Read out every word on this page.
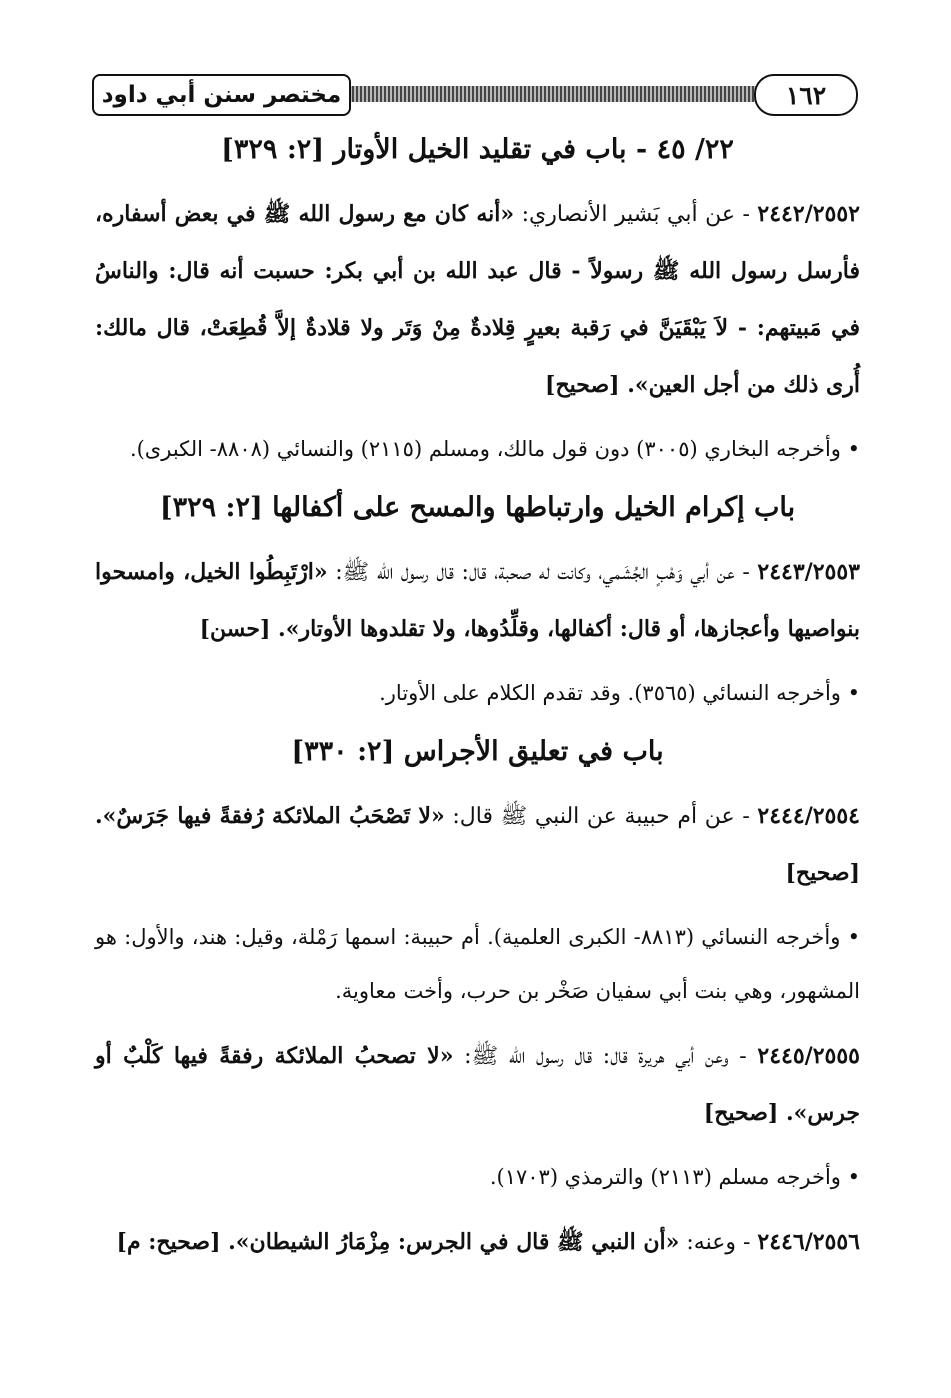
مختصر سنن أبي داود	١٦٢
٢٢/ ٤٥ - باب في تقليد الخيل الأوتار [٢: ٣٢٩]

٢٤٤٢/٢٥٥٢ - عن أبي بَشير الأنصاري: «أنه كان مع رسول الله ﷺ في بعض أسفاره، فأرسل رسول الله ﷺ رسولاً - قال عبد الله بن أبي بكر: حسبت أنه قال: والناسُ في مَبيتهم: - لاَ يَبْقَيَنَّ في رَقبة بعيرٍ قِلادةٌ مِنْ وَتَر ولا قلادةٌ إلاَّ قُطِعَتْ، قال مالك: أُرى ذلك من أجل العين». [صحيح]

• وأخرجه البخاري (٣٠٠٥) دون قول مالك، ومسلم (٢١١٥) والنسائي (٨٨٠٨- الكبرى).

باب إكرام الخيل وارتباطها والمسح على أكفالها [٢: ٣٢٩]

٢٤٤٣/٢٥٥٣ - عن أبي وَهْبٍ الجُشَمي، وكانت له صحبة، قال: قال رسول الله ﷺ: «ارْتَبِطُوا الخيل، وامسحوا بنواصيها وأعجازها، أو قال: أكفالها، وقلِّدُوها، ولا تقلدوها الأوتار». [حسن]

• وأخرجه النسائي (٣٥٦٥). وقد تقدم الكلام على الأوتار.

باب في تعليق الأجراس [٢: ٣٣٠]

٢٤٤٤/٢٥٥٤ - عن أم حبيبة عن النبي ﷺ قال: «لا تَصْحَبُ الملائكة رُفقةً فيها جَرَسٌ». [صحيح]

• وأخرجه النسائي (٨٨١٣- الكبرى العلمية). أم حبيبة: اسمها رَمْلة، وقيل: هند، والأول: هو المشهور، وهي بنت أبي سفيان صَخْر بن حرب، وأخت معاوية.

٢٤٤٥/٢٥٥٥ - وعن أبي هريرة قال: قال رسول الله ﷺ: «لا تصحبُ الملائكة رفقةً فيها كَلْبٌ أو جرس». [صحيح]

• وأخرجه مسلم (٢١١٣) والترمذي (١٧٠٣).

٢٤٤٦/٢٥٥٦ - وعنه: «أن النبي ﷺ قال في الجرس: مِزْمَارُ الشيطان». [صحيح: م]
